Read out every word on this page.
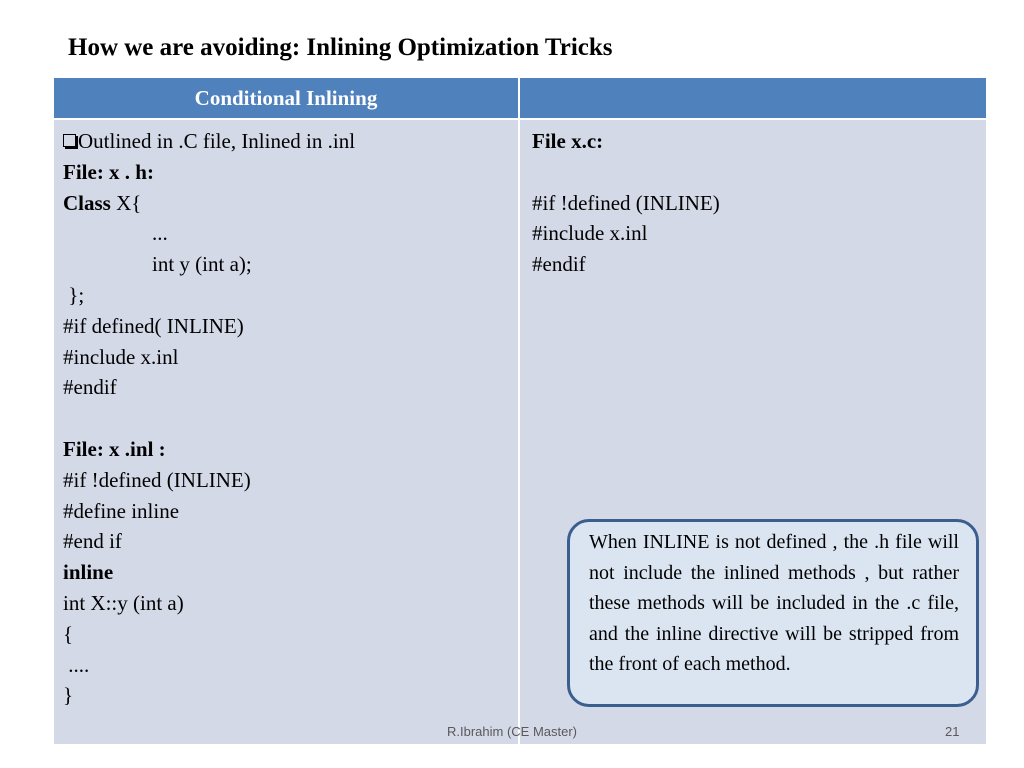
How we are avoiding: Inlining Optimization Tricks
Conditional Inlining
Outlined in .C file, Inlined in .inl
File: x . h:
Class X{
...
int y (int a);
};
#if defined( INLINE)
#include x.inl
#endif
File: x .inl :
#if !defined (INLINE)
#define inline
#end if
inline
int X::y (int a)
{
....
}
File x.c:
#if !defined (INLINE)
#include x.inl
#endif
When INLINE is not defined , the .h file will not include the inlined methods , but rather these methods will be included in the .c file, and the inline directive will be stripped from the front of each method.
R.Ibrahim (CE Master)	21
